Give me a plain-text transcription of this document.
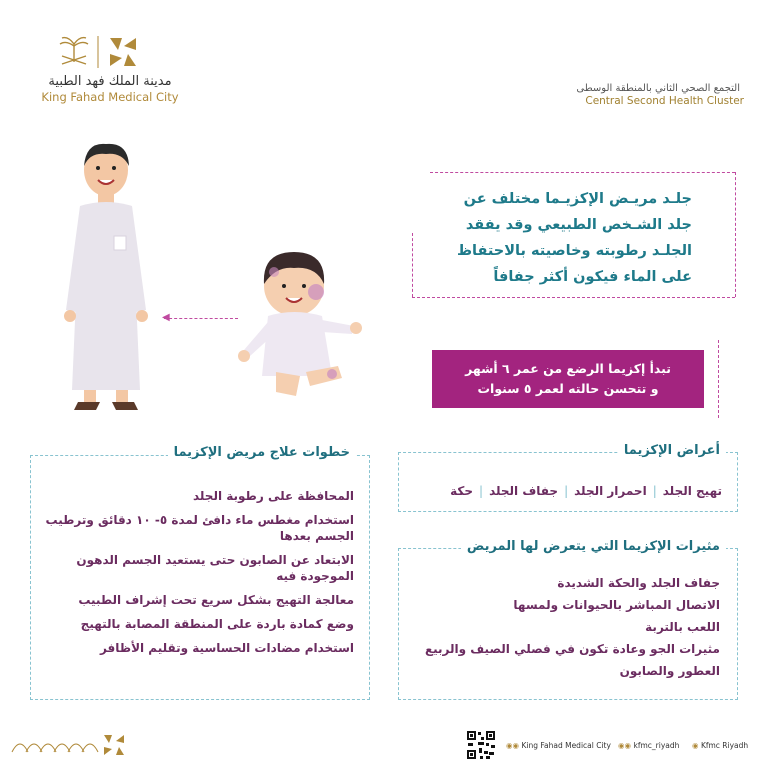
مدينة الملك فهد الطبية
King Fahad Medical City
التجمع الصحي الثاني بالمنطقة الوسطى
Central Second Health Cluster
◀
جلـد مريـض الإكزيـما مختلف عن
جلد الشـخص الطبيعي وقد يفقد
الجلـد رطوبته وخاصيته بالاحتفاظ
على الماء فيكون أكثر جفافاً
تبدأ إكزيما الرضع من عمر ٦ أشهر
و تتحسن حالته لعمر ٥ سنوات
خطوات علاج مريض الإكزيما
المحافظة على رطوبة الجلد
استخدام مغطس ماء دافئ لمدة ٥- ١٠ دقائق وترطيب الجسم بعدها
الابتعاد عن الصابون حتى يستعيد الجسم الدهون الموجودة فيه
معالجة التهيج بشكل سريع تحت إشراف الطبيب
وضع كمادة باردة على المنطقة المصابة بالتهيج
استخدام مضادات الحساسية وتقليم الأظافر
أعراض الإكزيما
تهيج الجلد|احمرار الجلد|جفاف الجلد|حكة
مثيرات الإكزيما التي يتعرض لها المريض
جفاف الجلد والحكة الشديدة
الاتصال المباشر بالحيوانات ولمسها
اللعب بالتربة
مثيرات الجو وعادة تكون في فصلي الصيف والربيع
العطور والصابون
◉◉ King Fahad Medical City ◉◉ kfmc_riyadh ◉ Kfmc Riyadh
